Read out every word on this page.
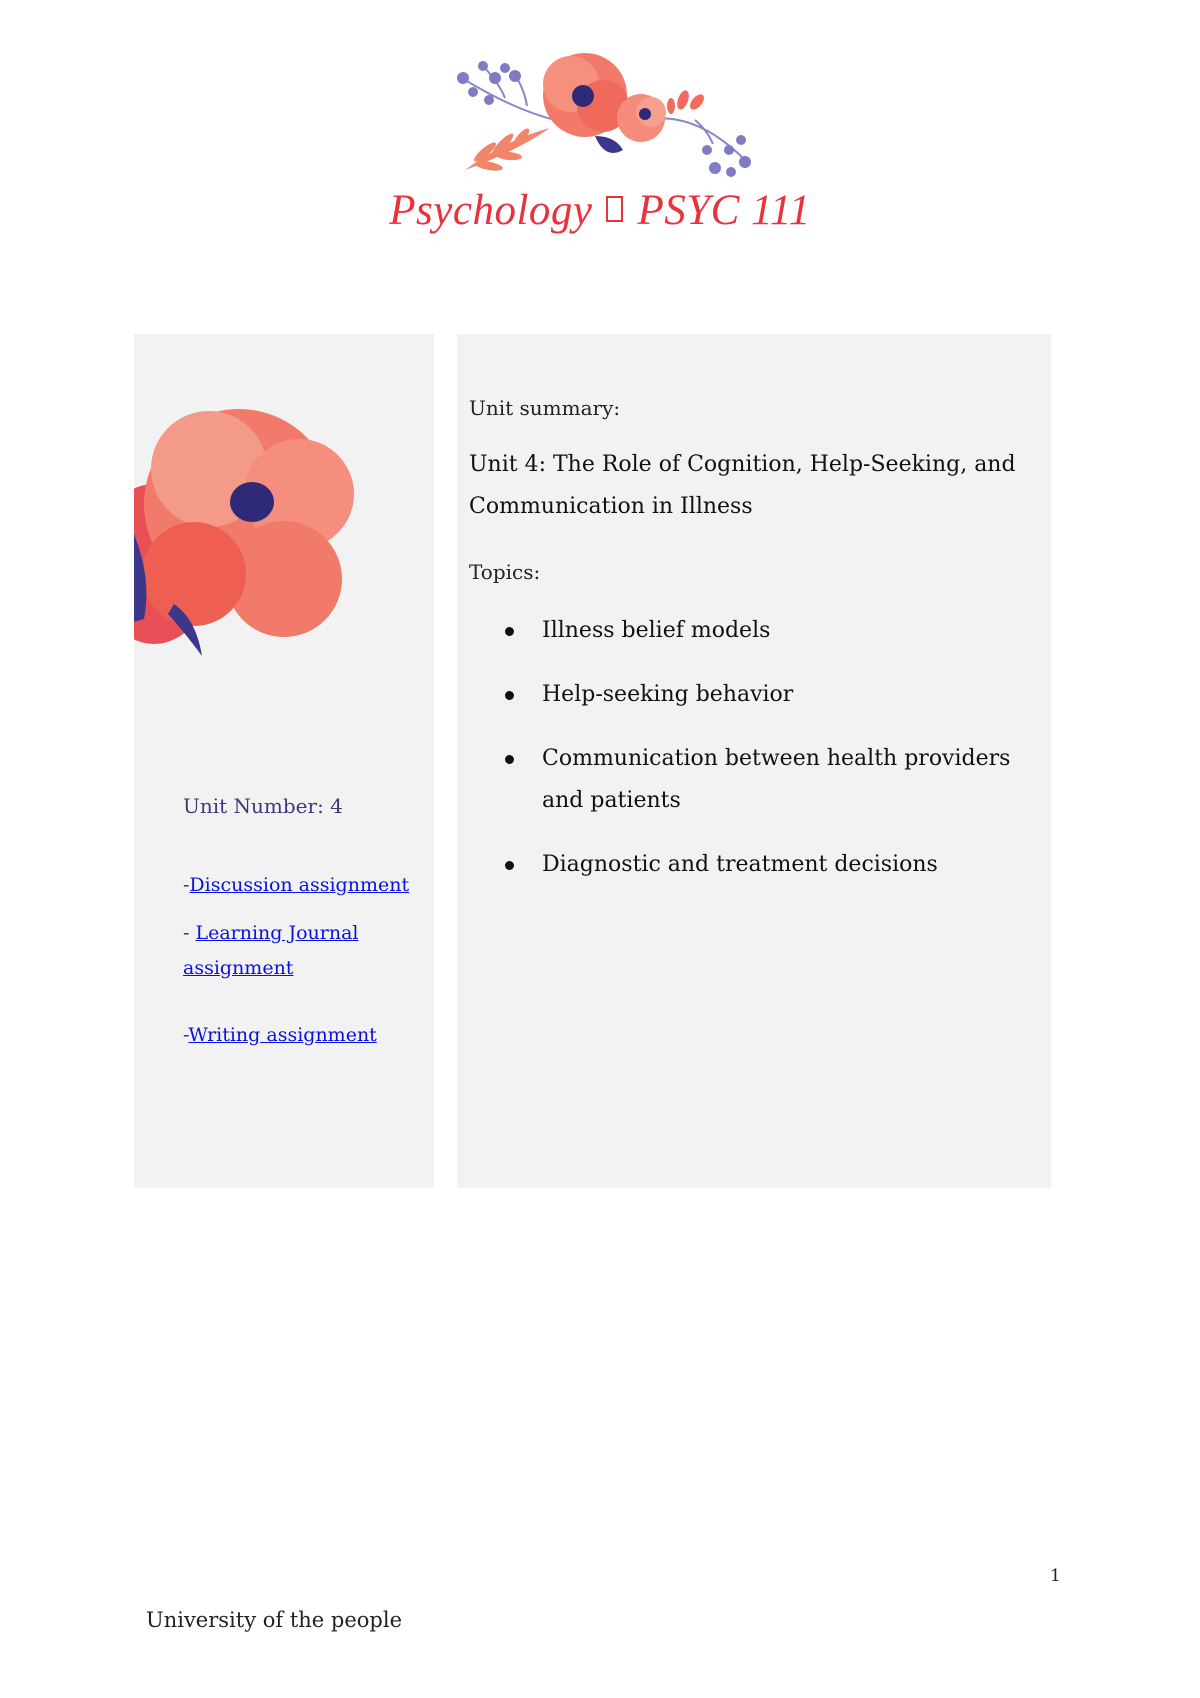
Psychology PSYC 111
Unit Number: 4

-Discussion assignment

- Learning Journal assignment

-Writing assignment

Unit summary:
Unit 4: The Role of Cognition, Help-Seeking, and Communication in Illness
Topics:
Illness belief models
Help-seeking behavior
Communication between health providers and patients
Diagnostic and treatment decisions
1
University of the people
